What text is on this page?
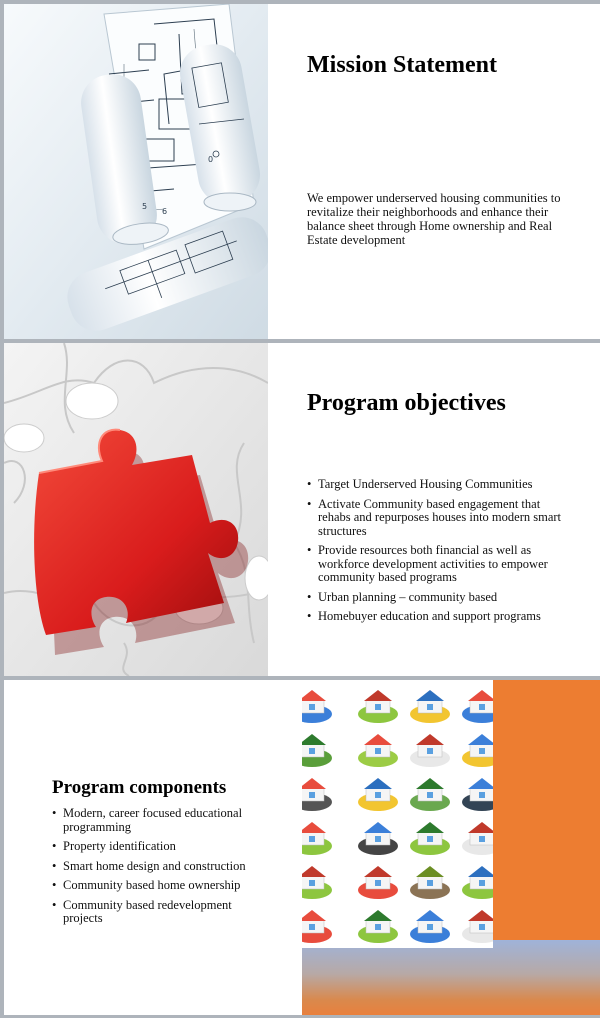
5
6
0
Mission Statement
We empower underserved housing communities to revitalize their neighborhoods and enhance their balance sheet through Home ownership and Real Estate development
Program objectives
• Target Underserved Housing Communities
• Activate Community based engagement that rehabs and repurposes houses into modern smart structures
• Provide resources both financial as well as workforce development activities to empower community based programs
• Urban planning – community based
• Homebuyer education and support programs
Program components
• Modern, career focused educational programming
• Property identification
• Smart home design and construction
• Community based home ownership
• Community based redevelopment projects
